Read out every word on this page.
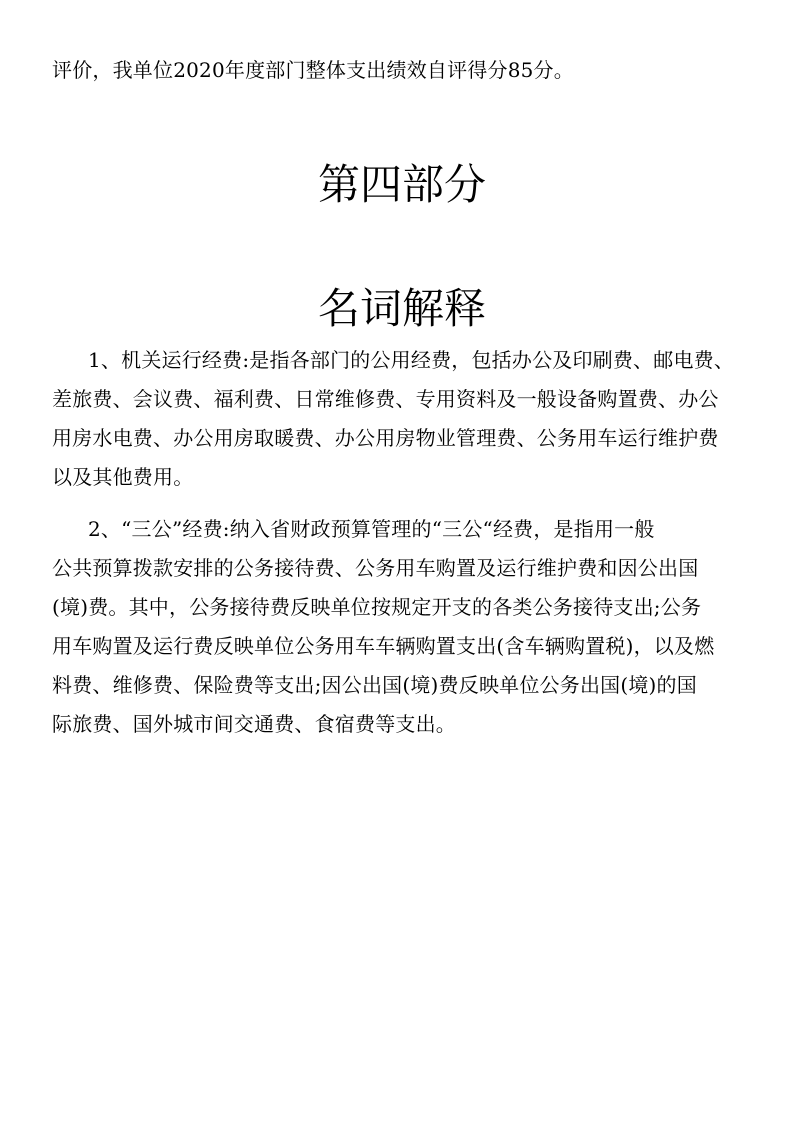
评价，我单位2020年度部门整体支出绩效自评得分85分。
第四部分
名词解释
1、机关运行经费:是指各部门的公用经费，包括办公及印刷费、邮电费、
差旅费、会议费、福利费、日常维修费、专用资料及一般设备购置费、办公
用房水电费、办公用房取暖费、办公用房物业管理费、公务用车运行维护费
以及其他费用。
2、“三公”经费:纳入省财政预算管理的“三公“经费，是指用一般
公共预算拨款安排的公务接待费、公务用车购置及运行维护费和因公出国
(境)费。其中，公务接待费反映单位按规定开支的各类公务接待支出;公务
用车购置及运行费反映单位公务用车车辆购置支出(含车辆购置税)，以及燃
料费、维修费、保险费等支出;因公出国(境)费反映单位公务出国(境)的国
际旅费、国外城市间交通费、食宿费等支出。
